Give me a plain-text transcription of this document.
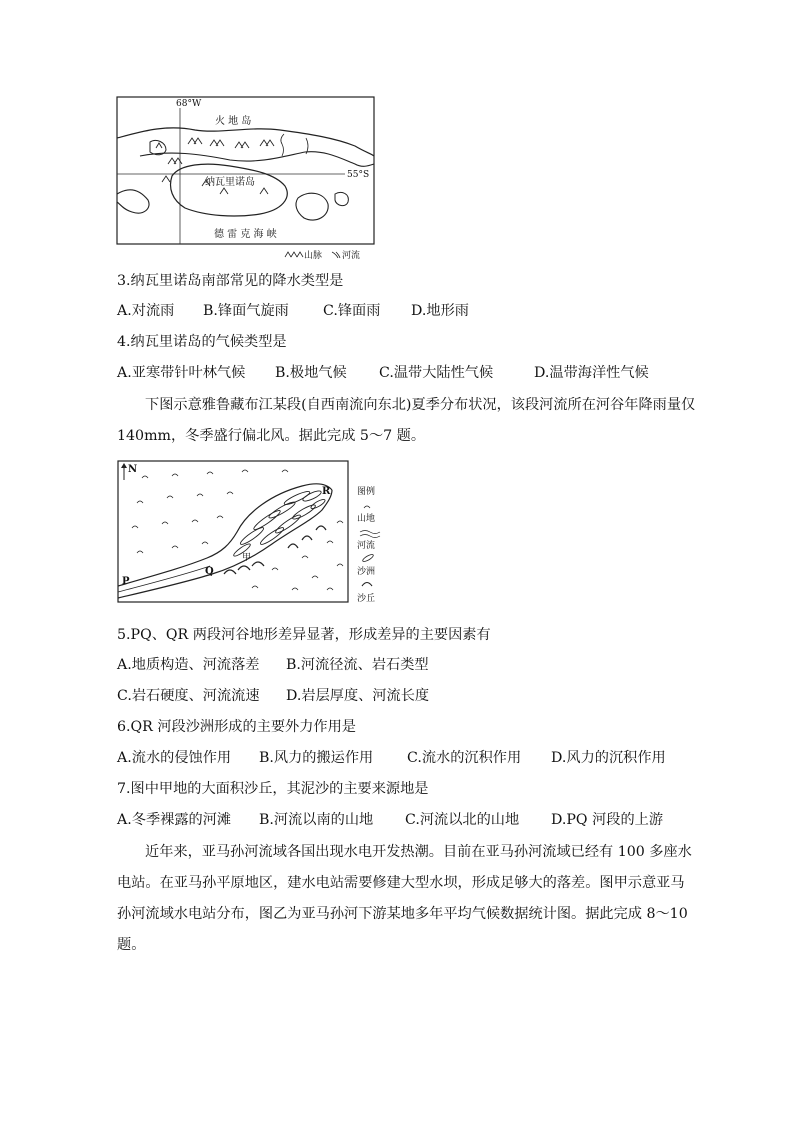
68°W
火 地 岛
55°S
纳瓦里诺岛
德 雷 克 海 峡
山脉 河流
3.纳瓦里诺岛南部常见的降水类型是
A.对流雨 B.锋面气旋雨 C.锋面雨 D.地形雨
4.纳瓦里诺岛的气候类型是
A.亚寒带针叶林气候 B.极地气候 C.温带大陆性气候	D.温带海洋性气候
下图示意雅鲁藏布江某段(自西南流向东北)夏季分布状况，该段河流所在河谷年降雨量仅
140mm，冬季盛行偏北风。据此完成 5～7 题。
N
P
Q
R
甲
图例
山地
河流
沙洲
沙丘
5.PQ、QR 两段河谷地形差异显著，形成差异的主要因素有
A.地质构造、河流落差 B.河流径流、岩石类型
C.岩石硬度、河流流速 D.岩层厚度、河流长度
6.QR 河段沙洲形成的主要外力作用是
A.流水的侵蚀作用 B.风力的搬运作用 C.流水的沉积作用 D.风力的沉积作用
7.图中甲地的大面积沙丘，其泥沙的主要来源地是
A.冬季裸露的河滩 B.河流以南的山地 C.河流以北的山地 D.PQ 河段的上游
近年来，亚马孙河流域各国出现水电开发热潮。目前在亚马孙河流域已经有 100 多座水
电站。在亚马孙平原地区，建水电站需要修建大型水坝，形成足够大的落差。图甲示意亚马
孙河流域水电站分布，图乙为亚马孙河下游某地多年平均气候数据统计图。据此完成 8～10
题。
